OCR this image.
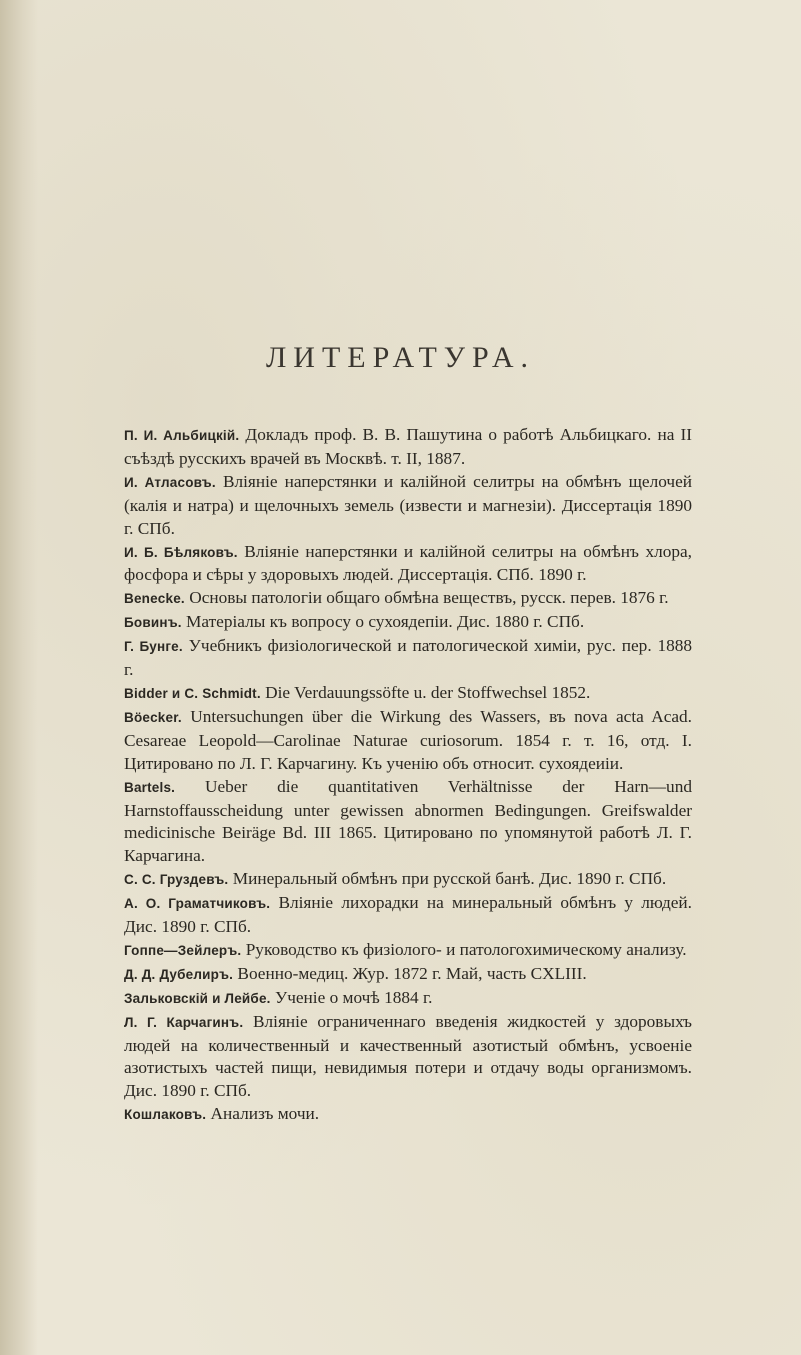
ЛИТЕРАТУРА.

П. И. Альбицкій. Докладъ проф. В. В. Пашутина о работѣ Альбицкаго. на II съѣздѣ русскихъ врачей въ Москвѣ. т. II, 1887.

И. Атласовъ. Вліяніе наперстянки и калійной селитры на обмѣнъ щелочей (калія и натра) и щелочныхъ земель (извести и магнезіи). Диссертація 1890 г. СПб.

И. Б. Бѣляковъ. Вліяніе наперстянки и калійной селитры на обмѣнъ хлора, фосфора и сѣры у здоровыхъ людей. Диссертація. СПб. 1890 г.

Beneсke. Основы патологіи общаго обмѣна веществъ, русск. перев. 1876 г.

Бовинъ. Матеріалы къ вопросу о сухоядепіи. Дис. 1880 г. СПб.

Г. Бунге. Учебникъ физіологической и патологической химіи, рус. пер. 1888 г.

Bidder и C. Schmidt. Die Verdauungssöfte u. der Stoffwechsel 1852.

Böeсker. Untersuchungen über die Wirkung des Wassers, въ nova acta Acad. Cesareae Leopold—Carolinae Naturae curiosorum. 1854 г. т. 16, отд. I. Цитировано по Л. Г. Карчагину. Къ ученію объ относит. сухоядеиіи.

Bartels. Ueber die quantitativen Verhältnisse der Harn—und Harnstoffausscheidung unter gewissen abnormen Bedingungen. Greifswalder medicinische Beiräge Bd. III 1865. Цитировано по упомянутой работѣ Л. Г. Карчагина.

С. С. Груздевъ. Минеральный обмѣнъ при русской банѣ. Дис. 1890 г. СПб.

А. О. Граматчиковъ. Вліяніе лихорадки на минеральный обмѣнъ у людей. Дис. 1890 г. СПб.

Гоппе—Зейлеръ. Руководство къ физіолого- и патологохимическому анализу.

Д. Д. Дубелиръ. Военно-медиц. Жур. 1872 г. Май, часть CXLIII.

Зальковскій и Лейбе. Ученіе о мочѣ 1884 г.

Л. Г. Карчагинъ. Вліяніе ограниченнаго введенія жидкостей у здоровыхъ людей на количественный и качественный азотистый обмѣнъ, усвоеніе азотистыхъ частей пищи, невидимыя потери и отдачу воды организмомъ. Дис. 1890 г. СПб.

Кошлаковъ. Анализъ мочи.
